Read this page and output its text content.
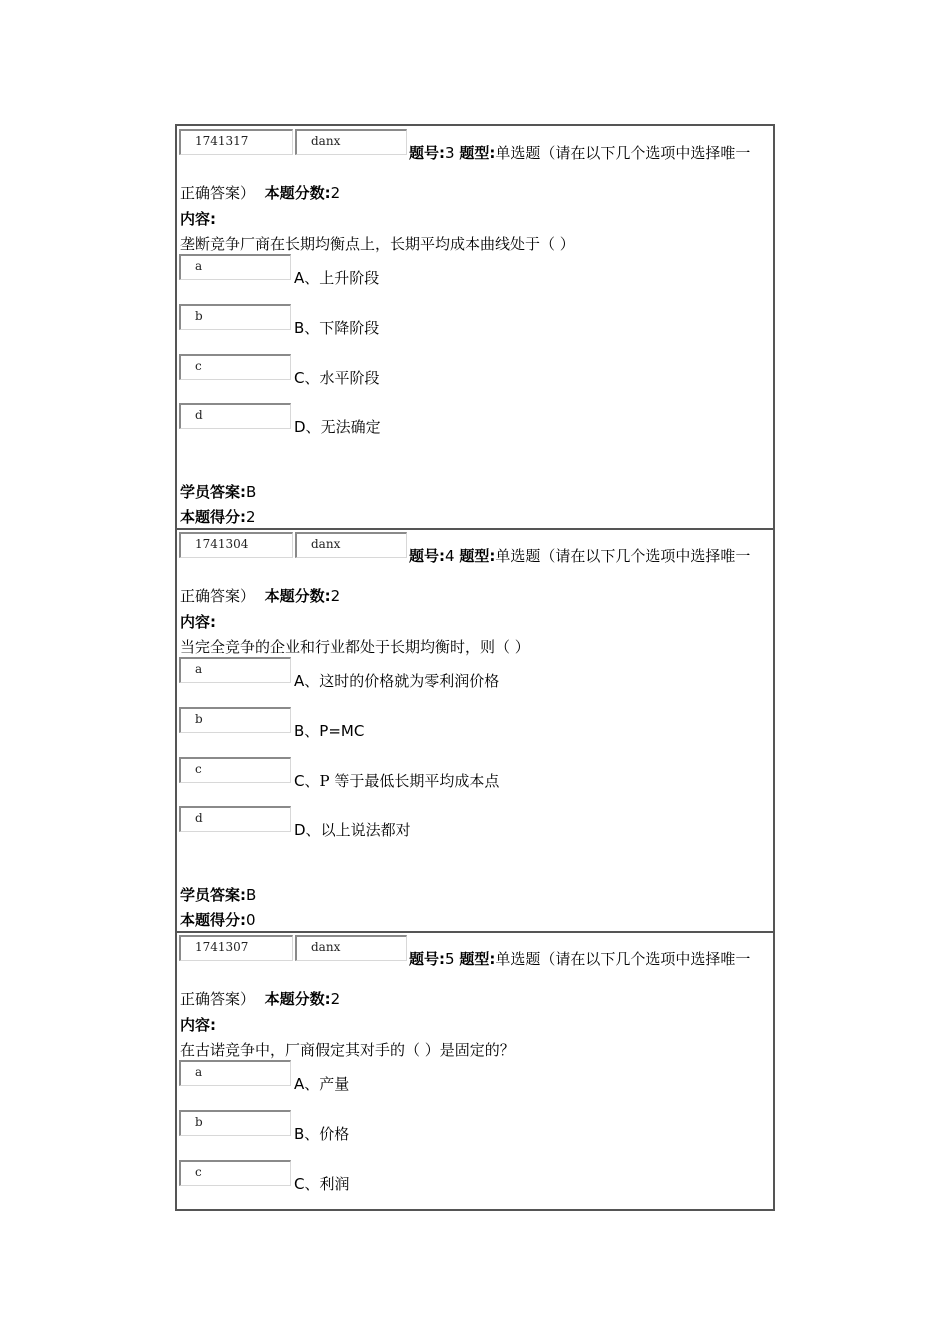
1741317	danx
题号:3 题型:单选题（请在以下几个选项中选择唯一
正确答案） 本题分数:2
内容:
垄断竞争厂商在长期均衡点上，长期平均成本曲线处于（ ）
a
A、上升阶段
b
B、下降阶段
c
C、水平阶段
d
D、无法确定
学员答案:B
本题得分:2
1741304	danx
题号:4 题型:单选题（请在以下几个选项中选择唯一
正确答案） 本题分数:2
内容:
当完全竞争的企业和行业都处于长期均衡时，则（ ）
a
A、这时的价格就为零利润价格
b
B、P=MC
c
C、P 等于最低长期平均成本点
d
D、以上说法都对
学员答案:B
本题得分:0
1741307	danx
题号:5 题型:单选题（请在以下几个选项中选择唯一
正确答案） 本题分数:2
内容:
在古诺竞争中，厂商假定其对手的（ ）是固定的？
a
A、产量
b
B、价格
c
C、利润
